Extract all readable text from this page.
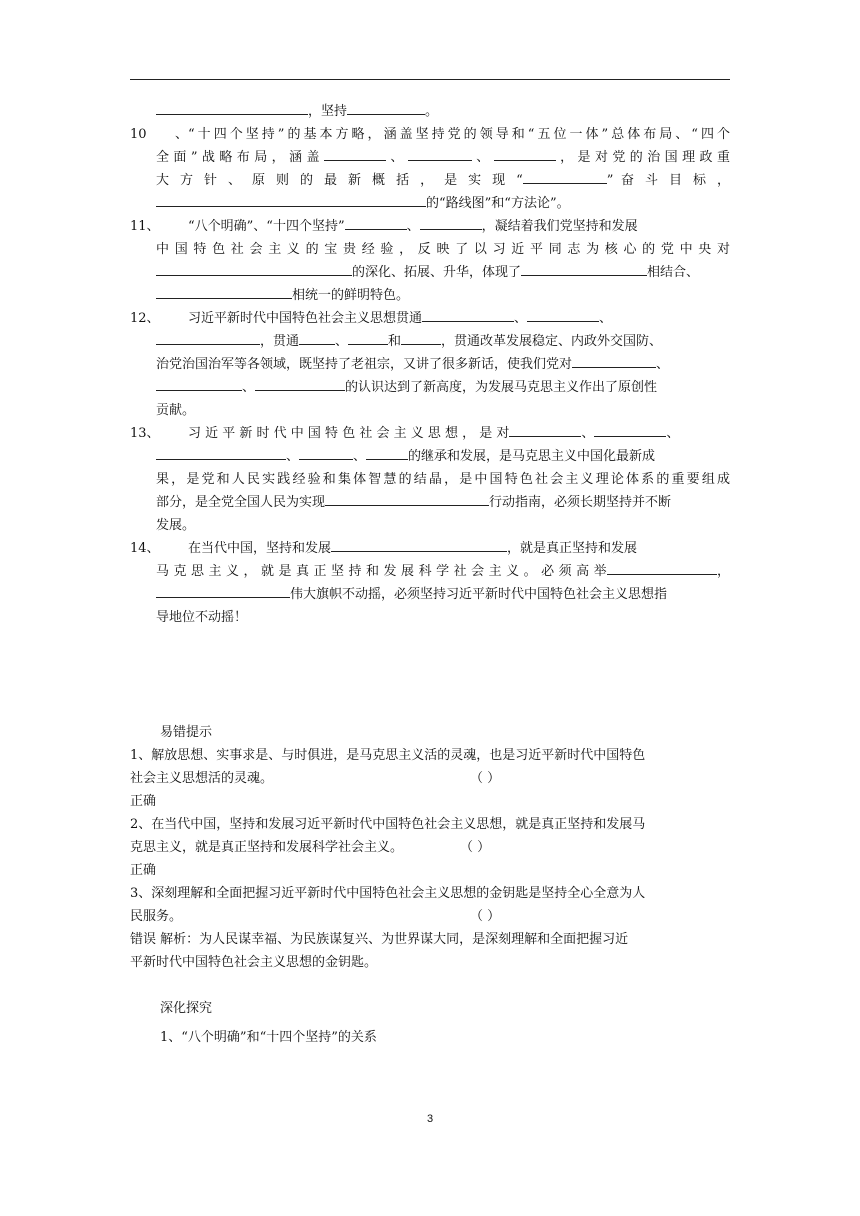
，坚持	。
10、“十四个坚持”的基本方略，涵盖坚持党的领导和“五位一体”总体布局、“四个
全面”战略布局，涵盖	、	、	，是对党的治国理政重
大 方 针 、 原 则 的 最 新 概 括 ， 是 实 现 “	” 奋 斗 目 标 ，
的“路线图”和“方法论”。
11、 “八个明确”、“十四个坚持”	、	，凝结着我们党坚持和发展
中国特色社会主义的宝贵经验，反映了以习近平同志为核心的党中央对
的深化、拓展、升华，体现了	相结合、
相统一的鲜明特色。
12、 习近平新时代中国特色社会主义思想贯通	、	、
，贯通	、	和	，贯通改革发展稳定、内政外交国防、
治党治国治军等各领域，既坚持了老祖宗，又讲了很多新话，使我们党对	、
、	的认识达到了新高度，为发展马克思主义作出了原创性
贡献。
13、 习 近 平 新 时 代 中 国 特 色 社 会 主 义 思 想 ， 是 对	、	、
、	、	的继承和发展，是马克思主义中国化最新成
果，是党和人民实践经验和集体智慧的结晶，是中国特色社会主义理论体系的重要组成
部分，是全党全国人民为实现	行动指南，必须长期坚持并不断
发展。
14、 在当代中国，坚持和发展	，就是真正坚持和发展
马 克 思 主 义 ， 就 是 真 正 坚 持 和 发 展 科 学 社 会 主 义 。 必 须 高 举	，
伟大旗帜不动摇，必须坚持习近平新时代中国特色社会主义思想指
导地位不动摇！
易错提示
1、解放思想、实事求是、与时俱进，是马克思主义活的灵魂，也是习近平新时代中国特色
社会主义思想活的灵魂。	（ ）
正确
2、在当代中国，坚持和发展习近平新时代中国特色社会主义思想，就是真正坚持和发展马
克思主义，就是真正坚持和发展科学社会主义。	（ ）
正确
3、深刻理解和全面把握习近平新时代中国特色社会主义思想的金钥匙是坚持全心全意为人
民服务。	（ ）
错误 解析：为人民谋幸福、为民族谋复兴、为世界谋大同，是深刻理解和全面把握习近
平新时代中国特色社会主义思想的金钥匙。
深化探究
1、“八个明确”和“十四个坚持”的关系
3
